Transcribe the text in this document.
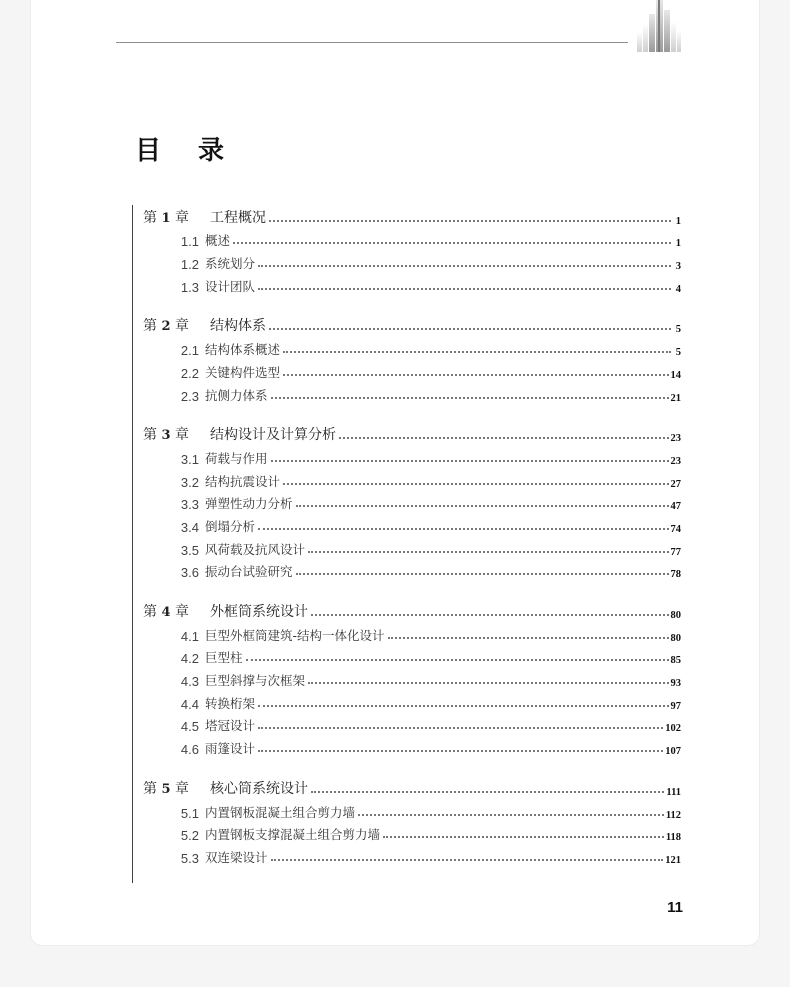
目 录
第 1 章	工程概况	1
1.1 概述	1
1.2 系统划分	3
1.3 设计团队	4
第 2 章	结构体系	5
2.1 结构体系概述	5
2.2 关键构件选型	14
2.3 抗侧力体系	21
第 3 章	结构设计及计算分析	23
3.1 荷载与作用	23
3.2 结构抗震设计	27
3.3 弹塑性动力分析	47
3.4 倒塌分析	74
3.5 风荷载及抗风设计	77
3.6 振动台试验研究	78
第 4 章	外框筒系统设计	80
4.1 巨型外框筒建筑-结构一体化设计	80
4.2 巨型柱	85
4.3 巨型斜撑与次框架	93
4.4 转换桁架	97
4.5 塔冠设计	102
4.6 雨篷设计	107
第 5 章	核心筒系统设计	111
5.1 内置钢板混凝土组合剪力墙	112
5.2 内置钢板支撑混凝土组合剪力墙	118
5.3 双连梁设计	121
11
